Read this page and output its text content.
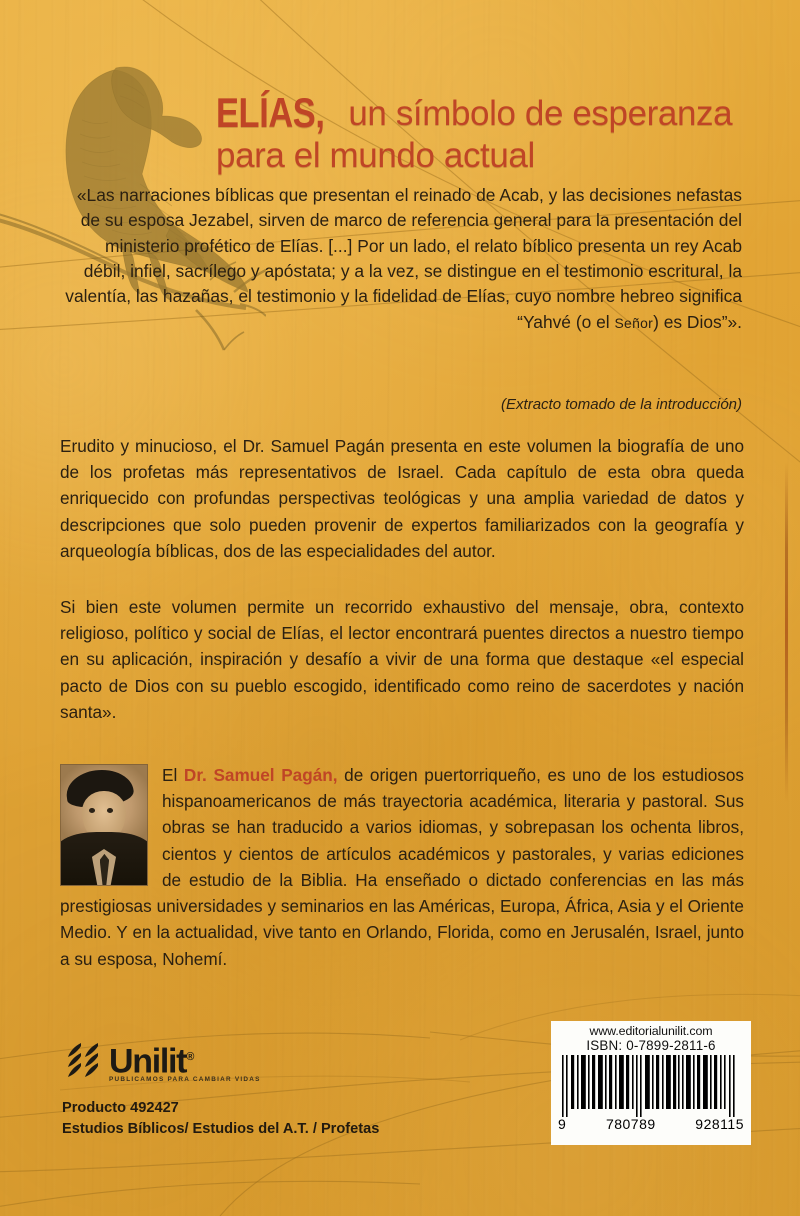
ELÍAS, un símbolo de esperanza

para el mundo actual

«Las narraciones bíblicas que presentan el reinado de Acab, y las decisiones nefastas de su esposa Jezabel, sirven de marco de referencia general para la presentación del ministerio profético de Elías. [...] Por un lado, el relato bíblico presenta un rey Acab débil, infiel, sacrílego y apóstata; y a la vez, se distingue en el testimonio escritural, la valentía, las hazañas, el testimonio y la fidelidad de Elías, cuyo nombre hebreo significa “Yahvé (o el Señor) es Dios”».

(Extracto tomado de la introducción)

Erudito y minucioso, el Dr. Samuel Pagán presenta en este volumen la biografía de uno de los profetas más representativos de Israel. Cada capítulo de esta obra queda enriquecido con profundas perspectivas teológicas y una amplia variedad de datos y descripciones que solo pueden provenir de expertos familiarizados con la geografía y arqueología bíblicas, dos de las especialidades del autor.

Si bien este volumen permite un recorrido exhaustivo del mensaje, obra, contexto religioso, político y social de Elías, el lector encontrará puentes directos a nuestro tiempo en su aplicación, inspiración y desafío a vivir de una forma que destaque «el especial pacto de Dios con su pueblo escogido, identificado como reino de sacerdotes y nación santa».

El Dr. Samuel Pagán, de origen puertorriqueño, es uno de los estudiosos hispanoamericanos de más trayectoria académica, literaria y pastoral. Sus obras se han traducido a varios idiomas, y sobrepasan los ochenta libros, cientos y cientos de artículos académicos y pastorales, y varias ediciones de estudio de la Biblia. Ha enseñado o dictado conferencias en las más prestigiosas universidades y seminarios en las Américas, Europa, África, Asia y el Oriente Medio. Y en la actualidad, vive tanto en Orlando, Florida, como en Jerusalén, Israel, junto a su esposa, Nohemí.

Unilit®
PUBLICAMOS PARA CAMBIAR VIDAS
Producto 492427
Estudios Bíblicos/ Estudios del A.T. / Profetas
www.editorialunilit.com
ISBN: 0-7899-2811-6
9	780789	928115
